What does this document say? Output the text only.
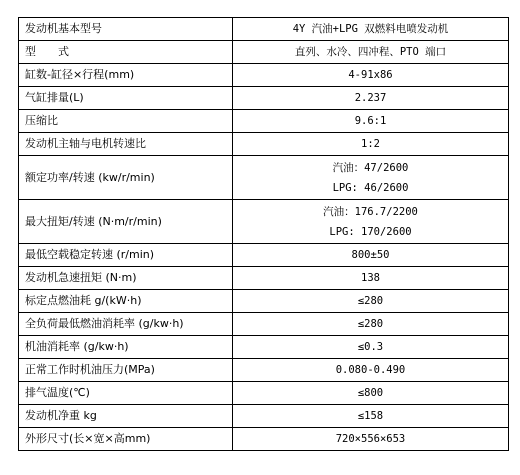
发动机基本型号	4Y 汽油+LPG 双燃料电喷发动机

型　　式	直列、水冷、四冲程、PTO 端口

缸数-缸径×行程(mm)	4-91x86

气缸排量(L)	2.237

压缩比	9.6:1

发动机主轴与电机转速比	1:2

额定功率/转速 (kw/r/min)	汽油：47/2600
LPG: 46/2600

最大扭矩/转速 (N·m/r/min)	汽油：176.7/2200
LPG: 170/2600

最低空载稳定转速 (r/min)	800±50

发动机急速扭矩 (N·m)	138

标定点燃油耗 g/(kW·h)	≤280

全负荷最低燃油消耗率 (g/kw·h)	≤280

机油消耗率 (g/kw·h)	≤0.3

正常工作时机油压力(MPa)	0.080-0.490

排气温度(℃)	≤800

发动机净重 kg	≤158

外形尺寸(长×宽×高mm)	720×556×653
